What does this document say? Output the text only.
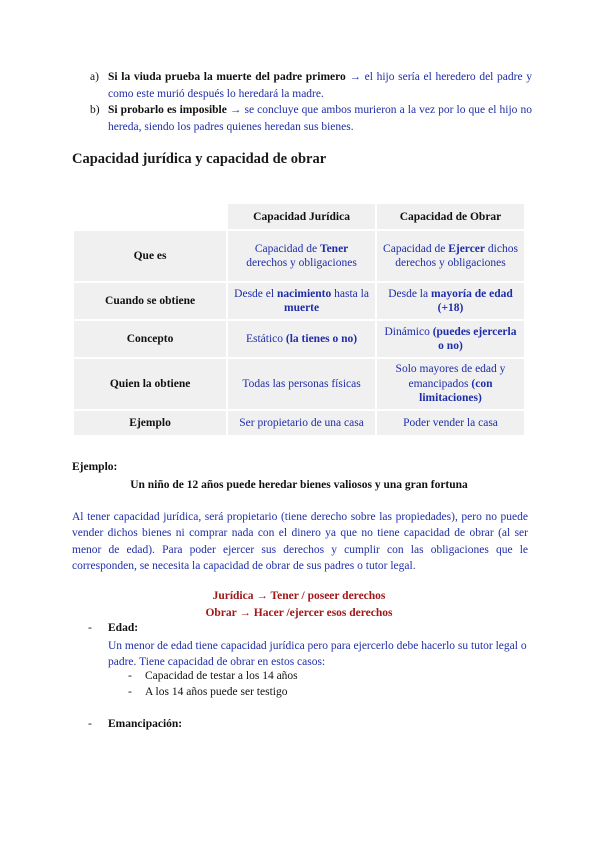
a) Si la viuda prueba la muerte del padre primero → el hijo sería el heredero del padre y como este murió después lo heredará la madre.
b) Si probarlo es imposible → se concluye que ambos murieron a la vez por lo que el hijo no hereda, siendo los padres quienes heredan sus bienes.
Capacidad jurídica y capacidad de obrar
	Capacidad Jurídica	Capacidad de Obrar
Que es	Capacidad de Tener derechos y obligaciones	Capacidad de Ejercer dichos derechos y obligaciones
Cuando se obtiene	Desde el nacimiento hasta la muerte	Desde la mayoría de edad (+18)
Concepto	Estático (la tienes o no)	Dinámico (puedes ejercerla o no)
Quien la obtiene	Todas las personas físicas	Solo mayores de edad y emancipados (con limitaciones)
Ejemplo	Ser propietario de una casa	Poder vender la casa
Ejemplo:
Un niño de 12 años puede heredar bienes valiosos y una gran fortuna
Al tener capacidad jurídica, será propietario (tiene derecho sobre las propiedades), pero no puede vender dichos bienes ni comprar nada con el dinero ya que no tiene capacidad de obrar (al ser menor de edad). Para poder ejercer sus derechos y cumplir con las obligaciones que le corresponden, se necesita la capacidad de obrar de sus padres o tutor legal.
Jurídica → Tener / poseer derechos
Obrar → Hacer /ejercer esos derechos
- Edad:
Un menor de edad tiene capacidad jurídica pero para ejercerlo debe hacerlo su tutor legal o padre. Tiene capacidad de obrar en estos casos:
- Capacidad de testar a los 14 años
- A los 14 años puede ser testigo
- Emancipación:
